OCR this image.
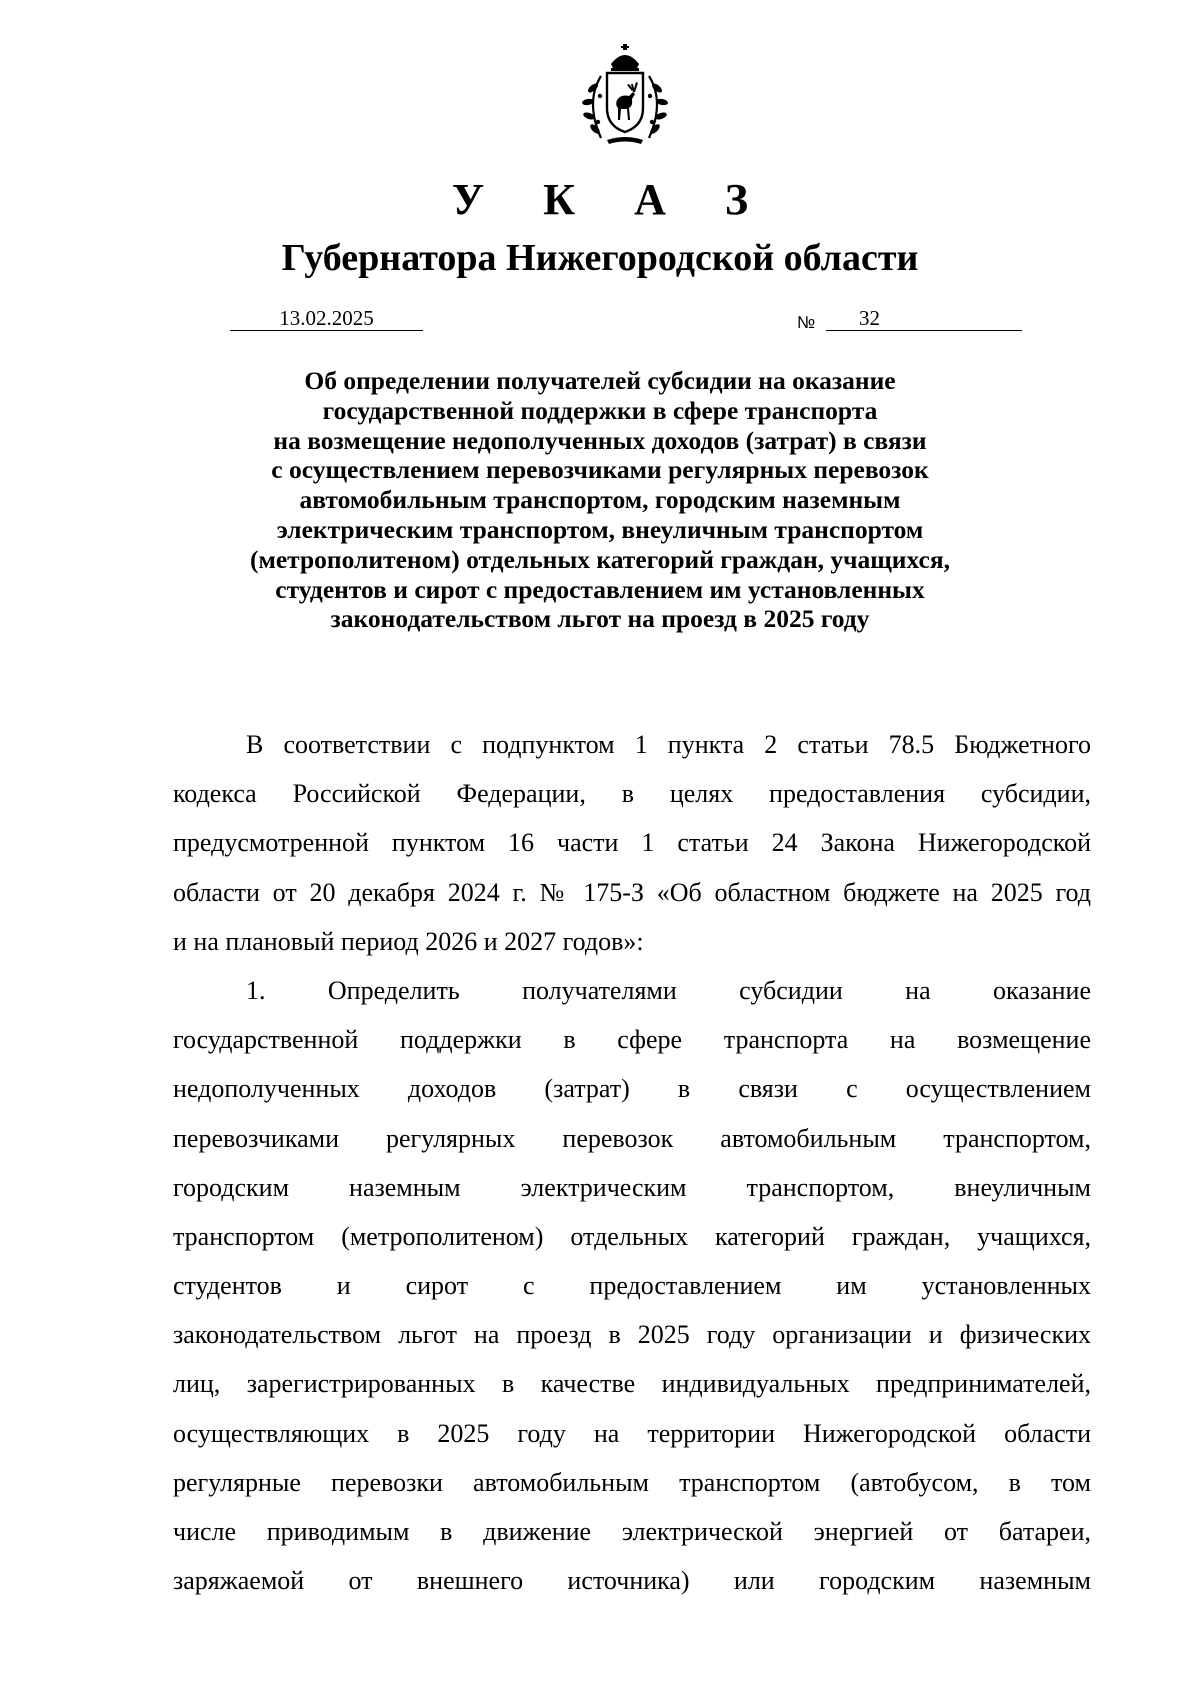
У К А З
Губернатора Нижегородской области
13.02.2025	№ 32
Об определении получателей субсидии на оказание
государственной поддержки в сфере транспорта
на возмещение недополученных доходов (затрат) в связи
с осуществлением перевозчиками регулярных перевозок
автомобильным транспортом, городским наземным
электрическим транспортом, внеуличным транспортом
(метрополитеном) отдельных категорий граждан, учащихся,
студентов и сирот с предоставлением им установленных
законодательством льгот на проезд в 2025 году
В соответствии с подпунктом 1 пункта 2 статьи 78.5 Бюджетного
кодекса Российской Федерации, в целях предоставления субсидии,
предусмотренной пунктом 16 части 1 статьи 24 Закона Нижегородской
области от 20 декабря 2024 г. № 175-З «Об областном бюджете на 2025 год
и на плановый период 2026 и 2027 годов»:
1. Определить получателями субсидии на оказание
государственной поддержки в сфере транспорта на возмещение
недополученных доходов (затрат) в связи с осуществлением
перевозчиками регулярных перевозок автомобильным транспортом,
городским наземным электрическим транспортом, внеуличным
транспортом (метрополитеном) отдельных категорий граждан, учащихся,
студентов и сирот с предоставлением им установленных
законодательством льгот на проезд в 2025 году организации и физических
лиц, зарегистрированных в качестве индивидуальных предпринимателей,
осуществляющих в 2025 году на территории Нижегородской области
регулярные перевозки автомобильным транспортом (автобусом, в том
числе приводимым в движение электрической энергией от батареи,
заряжаемой от внешнего источника) или городским наземным
